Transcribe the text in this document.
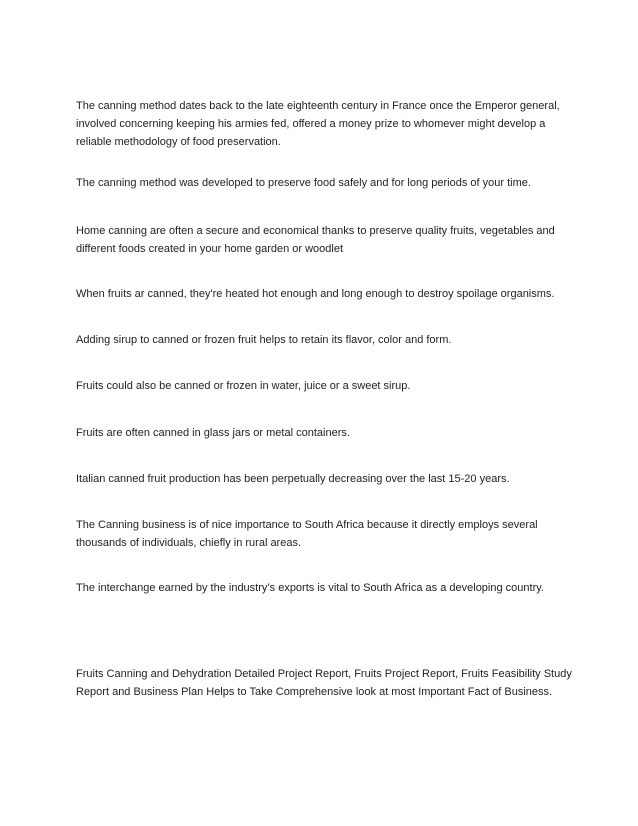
The canning method dates back to the late eighteenth century in France once the Emperor general, involved concerning keeping his armies fed, offered a money prize to whomever might develop a reliable methodology of food preservation.

The canning method was developed to preserve food safely and for long periods of your time.

Home canning are often a secure and economical thanks to preserve quality fruits, vegetables and different foods created in your home garden or woodlet

When fruits ar canned, they're heated hot enough and long enough to destroy spoilage organisms.

Adding sirup to canned or frozen fruit helps to retain its flavor, color and form.

Fruits could also be canned or frozen in water, juice or a sweet sirup.

Fruits are often canned in glass jars or metal containers.

Italian canned fruit production has been perpetually decreasing over the last 15-20 years.

The Canning business is of nice importance to South Africa because it directly employs several thousands of individuals, chiefly in rural areas.

The interchange earned by the industry’s exports is vital to South Africa as a developing country.

Fruits Canning and Dehydration Detailed Project Report, Fruits Project Report, Fruits Feasibility Study Report and Business Plan Helps to Take Comprehensive look at most Important Fact of Business.
